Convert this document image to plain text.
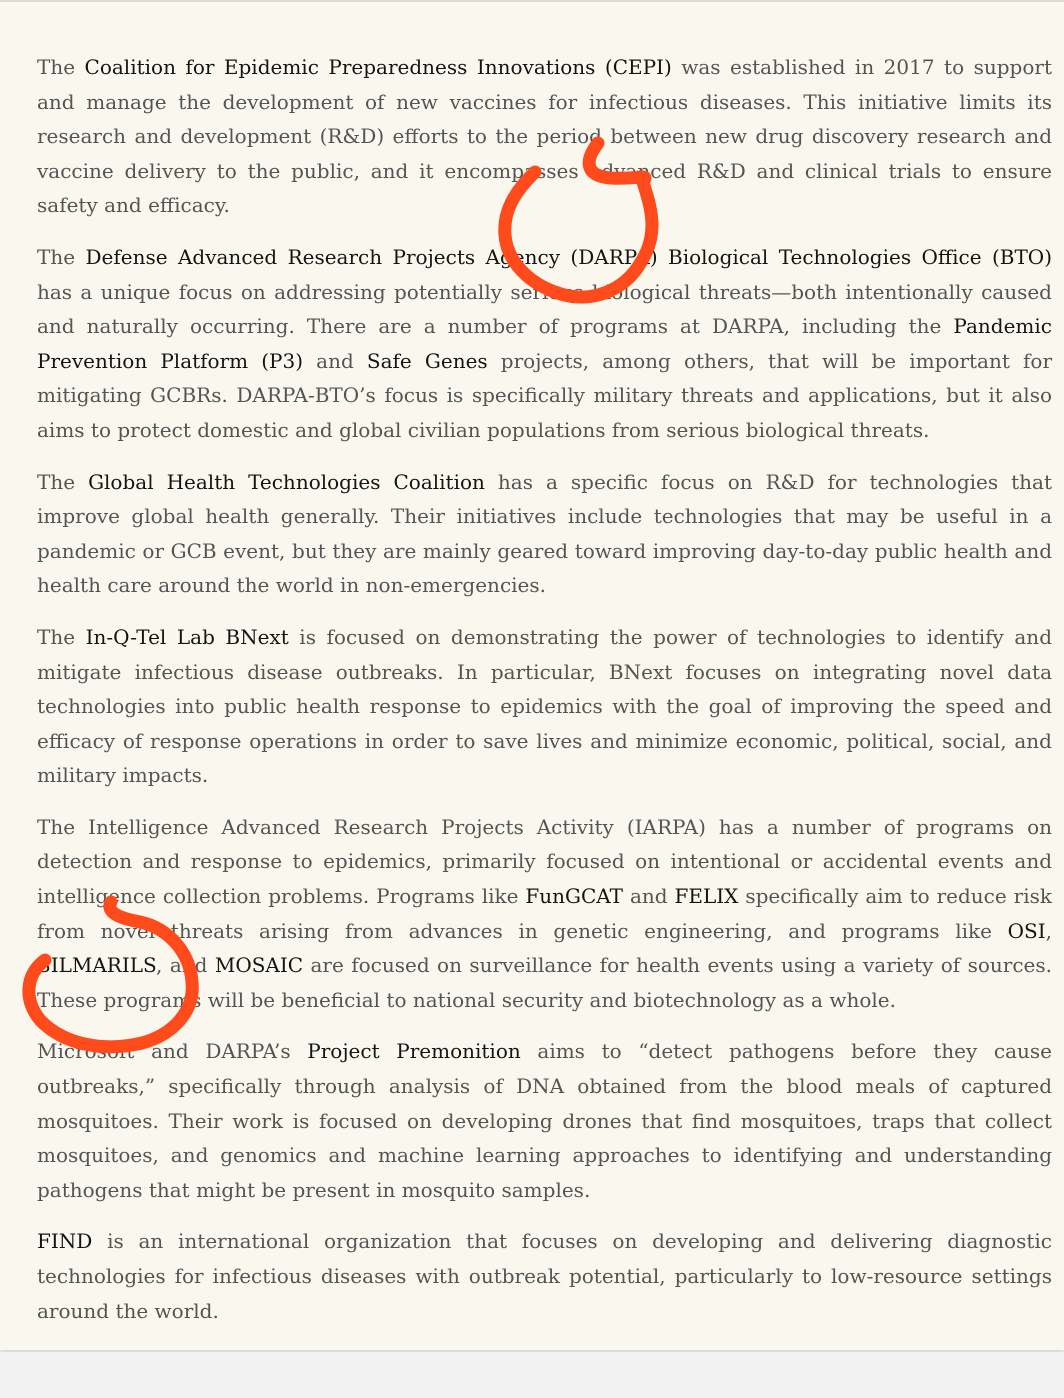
The Coalition for Epidemic Preparedness Innovations (CEPI) was established in 2017 to support and manage the development of new vaccines for infectious diseases. This initiative limits its research and development (R&D) efforts to the period between new drug discovery research and vaccine delivery to the public, and it encompasses advanced R&D and clinical trials to ensure safety and efficacy.

The Defense Advanced Research Projects Agency (DARPA) Biological Technologies Office (BTO) has a unique focus on addressing potentially serious biological threats—both intentionally caused and naturally occurring. There are a number of programs at DARPA, including the Pandemic Prevention Platform (P3) and Safe Genes projects, among others, that will be important for mitigating GCBRs. DARPA-BTO’s focus is specifically military threats and applications, but it also aims to protect domestic and global civilian populations from serious biological threats.

The Global Health Technologies Coalition has a specific focus on R&D for technologies that improve global health generally. Their initiatives include technologies that may be useful in a pandemic or GCB event, but they are mainly geared toward improving day-to-day public health and health care around the world in non-emergencies.

The In-Q-Tel Lab BNext is focused on demonstrating the power of technologies to identify and mitigate infectious disease outbreaks. In particular, BNext focuses on integrating novel data technologies into public health response to epidemics with the goal of improving the speed and efficacy of response operations in order to save lives and minimize economic, political, social, and military impacts.

The Intelligence Advanced Research Projects Activity (IARPA) has a number of programs on detection and response to epidemics, primarily focused on intentional or accidental events and intelligence collection problems. Programs like FunGCAT and FELIX specifically aim to reduce risk from novel threats arising from advances in genetic engineering, and programs like OSI, SILMARILS, and MOSAIC are focused on surveillance for health events using a variety of sources. These programs will be beneficial to national security and biotechnology as a whole.

Microsoft and DARPA’s Project Premonition aims to “detect pathogens before they cause outbreaks,” specifically through analysis of DNA obtained from the blood meals of captured mosquitoes. Their work is focused on developing drones that find mosquitoes, traps that collect mosquitoes, and genomics and machine learning approaches to identifying and understanding pathogens that might be present in mosquito samples.

FIND is an international organization that focuses on developing and delivering diagnostic technologies for infectious diseases with outbreak potential, particularly to low-resource settings around the world.
